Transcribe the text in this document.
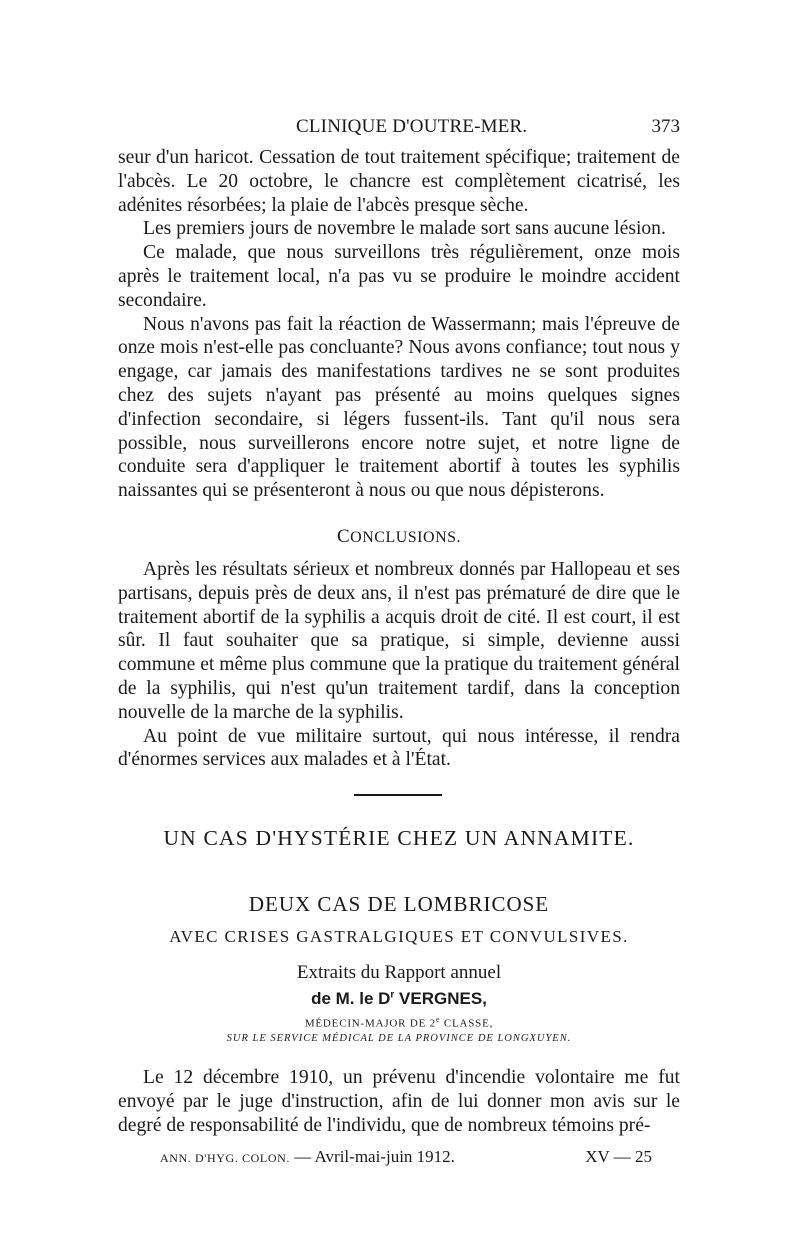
CLINIQUE D'OUTRE-MER.	373

seur d'un haricot. Cessation de tout traitement spécifique; traitement de l'abcès. Le 20 octobre, le chancre est complètement cicatrisé, les adénites résorbées; la plaie de l'abcès presque sèche.

Les premiers jours de novembre le malade sort sans aucune lésion.

Ce malade, que nous surveillons très régulièrement, onze mois après le traitement local, n'a pas vu se produire le moindre accident secondaire.

Nous n'avons pas fait la réaction de Wassermann; mais l'épreuve de onze mois n'est-elle pas concluante? Nous avons confiance; tout nous y engage, car jamais des manifestations tardives ne se sont produites chez des sujets n'ayant pas présenté au moins quelques signes d'infection secondaire, si légers fussent-ils. Tant qu'il nous sera possible, nous surveillerons encore notre sujet, et notre ligne de conduite sera d'appliquer le traitement abortif à toutes les syphilis naissantes qui se présenteront à nous ou que nous dépisterons.

CONCLUSIONS.

Après les résultats sérieux et nombreux donnés par Hallopeau et ses partisans, depuis près de deux ans, il n'est pas prématuré de dire que le traitement abortif de la syphilis a acquis droit de cité. Il est court, il est sûr. Il faut souhaiter que sa pratique, si simple, devienne aussi commune et même plus commune que la pratique du traitement général de la syphilis, qui n'est qu'un traitement tardif, dans la conception nouvelle de la marche de la syphilis.

Au point de vue militaire surtout, qui nous intéresse, il rendra d'énormes services aux malades et à l'État.

UN CAS D'HYSTÉRIE CHEZ UN ANNAMITE.
DEUX CAS DE LOMBRICOSE
AVEC CRISES GASTRALGIQUES ET CONVULSIVES.
Extraits du Rapport annuel
de M. le $D^r$ VERGNES,
MÉDECIN-MAJOR DE 2e CLASSE,
SUR LE SERVICE MÉDICAL DE LA PROVINCE DE LONGXUYEN.

Le 12 décembre 1910, un prévenu d'incendie volontaire me fut envoyé par le juge d'instruction, afin de lui donner mon avis sur le degré de responsabilité de l'individu, que de nombreux témoins pré-

ANN. D'HYG. COLON. — Avril-mai-juin 1912.	XV — 25
